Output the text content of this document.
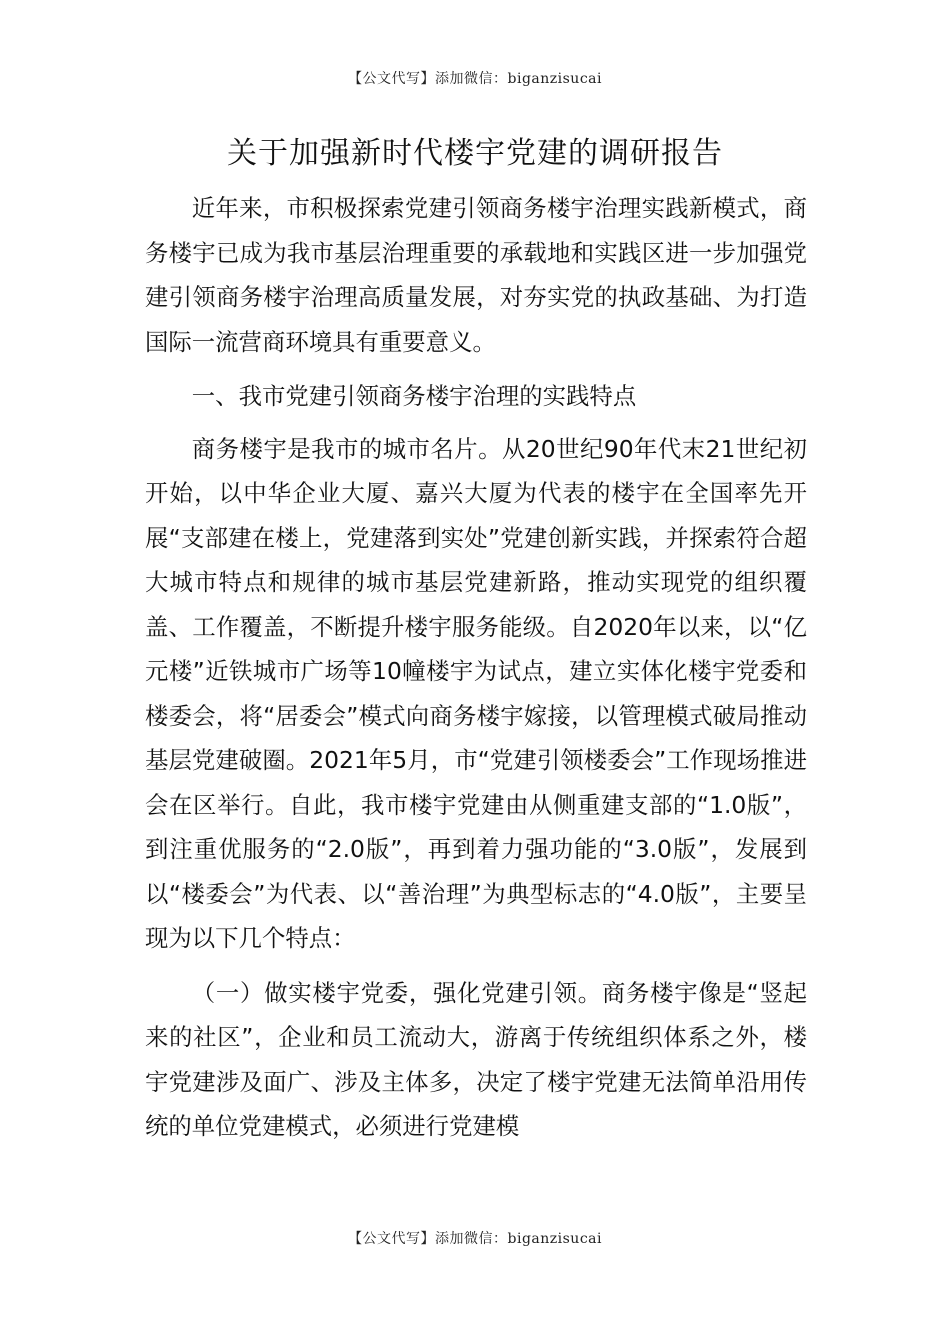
【公文代写】添加微信：biganzisucai
关于加强新时代楼宇党建的调研报告

近年来，市积极探索党建引领商务楼宇治理实践新模式，商务楼宇已成为我市基层治理重要的承载地和实践区进一步加强党建引领商务楼宇治理高质量发展，对夯实党的执政基础、为打造国际一流营商环境具有重要意义。

一、我市党建引领商务楼宇治理的实践特点

商务楼宇是我市的城市名片。从20世纪90年代末21世纪初开始，以中华企业大厦、嘉兴大厦为代表的楼宇在全国率先开展“支部建在楼上，党建落到实处”党建创新实践，并探索符合超大城市特点和规律的城市基层党建新路，推动实现党的组织覆盖、工作覆盖，不断提升楼宇服务能级。自2020年以来，以“亿元楼”近铁城市广场等10幢楼宇为试点，建立实体化楼宇党委和楼委会，将“居委会”模式向商务楼宇嫁接，以管理模式破局推动基层党建破圈。2021年5月，市“党建引领楼委会”工作现场推进会在区举行。自此，我市楼宇党建由从侧重建支部的“1.0版”，到注重优服务的“2.0版”，再到着力强功能的“3.0版”，发展到以“楼委会”为代表、以“善治理”为典型标志的“4.0版”，主要呈现为以下几个特点：

（一）做实楼宇党委，强化党建引领。商务楼宇像是“竖起来的社区”，企业和员工流动大，游离于传统组织体系之外，楼宇党建涉及面广、涉及主体多，决定了楼宇党建无法简单沿用传统的单位党建模式，必须进行党建模

【公文代写】添加微信：biganzisucai
